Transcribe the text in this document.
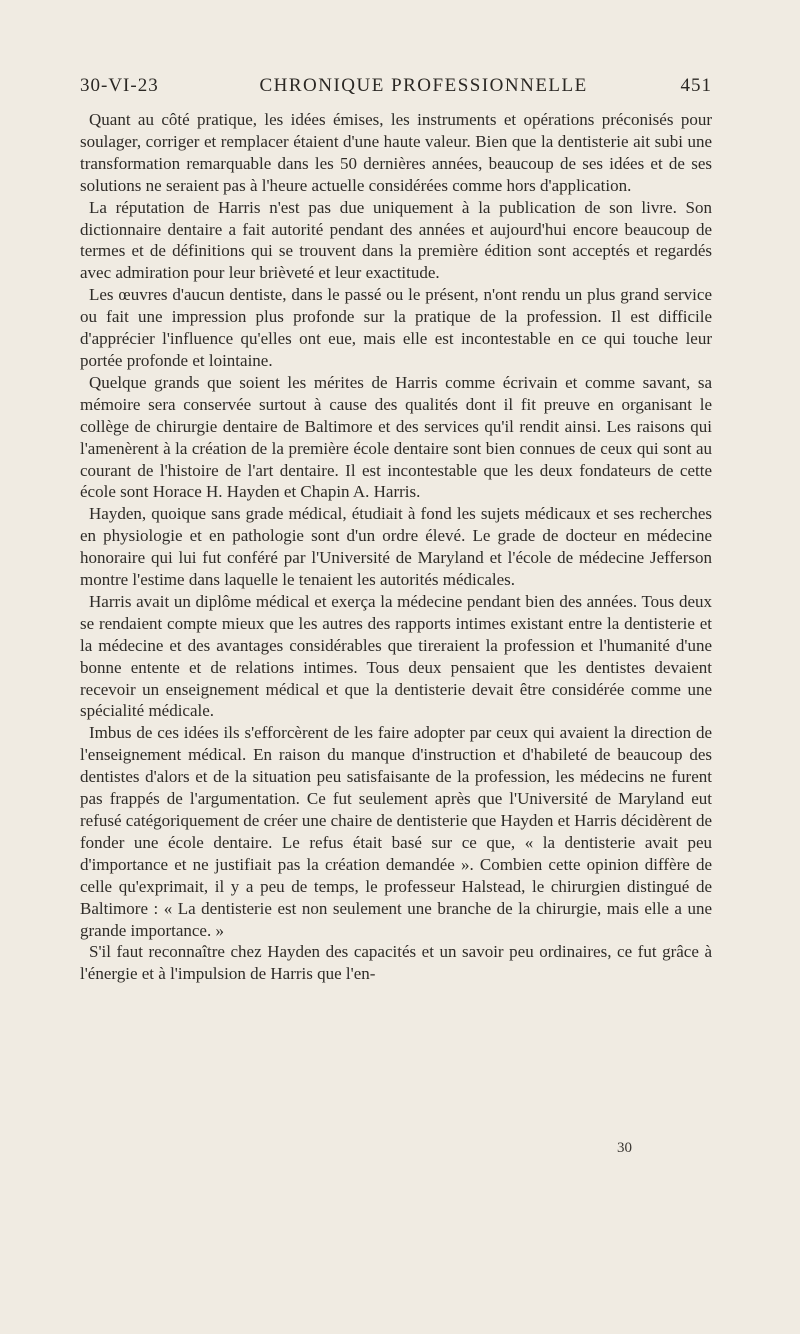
30-VI-23	CHRONIQUE PROFESSIONNELLE	451

Quant au côté pratique, les idées émises, les instruments et opérations préconisés pour soulager, corriger et remplacer étaient d'une haute valeur. Bien que la dentisterie ait subi une transformation remarquable dans les 50 dernières années, beaucoup de ses idées et de ses solutions ne seraient pas à l'heure actuelle considérées comme hors d'application.

La réputation de Harris n'est pas due uniquement à la publication de son livre. Son dictionnaire dentaire a fait autorité pendant des années et aujourd'hui encore beaucoup de termes et de définitions qui se trouvent dans la première édition sont acceptés et regardés avec admiration pour leur brièveté et leur exactitude.

Les œuvres d'aucun dentiste, dans le passé ou le présent, n'ont rendu un plus grand service ou fait une impression plus profonde sur la pratique de la profession. Il est difficile d'apprécier l'influence qu'elles ont eue, mais elle est incontestable en ce qui touche leur portée profonde et lointaine.

Quelque grands que soient les mérites de Harris comme écrivain et comme savant, sa mémoire sera conservée surtout à cause des qualités dont il fit preuve en organisant le collège de chirurgie dentaire de Baltimore et des services qu'il rendit ainsi. Les raisons qui l'amenèrent à la création de la première école dentaire sont bien connues de ceux qui sont au courant de l'histoire de l'art dentaire. Il est incontestable que les deux fondateurs de cette école sont Horace H. Hayden et Chapin A. Harris.

Hayden, quoique sans grade médical, étudiait à fond les sujets médicaux et ses recherches en physiologie et en pathologie sont d'un ordre élevé. Le grade de docteur en médecine honoraire qui lui fut conféré par l'Université de Maryland et l'école de médecine Jefferson montre l'estime dans laquelle le tenaient les autorités médicales.

Harris avait un diplôme médical et exerça la médecine pendant bien des années. Tous deux se rendaient compte mieux que les autres des rapports intimes existant entre la dentisterie et la médecine et des avantages considérables que tireraient la profession et l'humanité d'une bonne entente et de relations intimes. Tous deux pensaient que les dentistes devaient recevoir un enseignement médical et que la dentisterie devait être considérée comme une spécialité médicale.

Imbus de ces idées ils s'efforcèrent de les faire adopter par ceux qui avaient la direction de l'enseignement médical. En raison du manque d'instruction et d'habileté de beaucoup des dentistes d'alors et de la situation peu satisfaisante de la profession, les médecins ne furent pas frappés de l'argumentation. Ce fut seulement après que l'Université de Maryland eut refusé catégoriquement de créer une chaire de dentisterie que Hayden et Harris décidèrent de fonder une école dentaire. Le refus était basé sur ce que, « la dentisterie avait peu d'importance et ne justifiait pas la création demandée ». Combien cette opinion diffère de celle qu'exprimait, il y a peu de temps, le professeur Halstead, le chirurgien distingué de Baltimore : « La dentisterie est non seulement une branche de la chirurgie, mais elle a une grande importance. »

S'il faut reconnaître chez Hayden des capacités et un savoir peu ordinaires, ce fut grâce à l'énergie et à l'impulsion de Harris que l'en-

30
